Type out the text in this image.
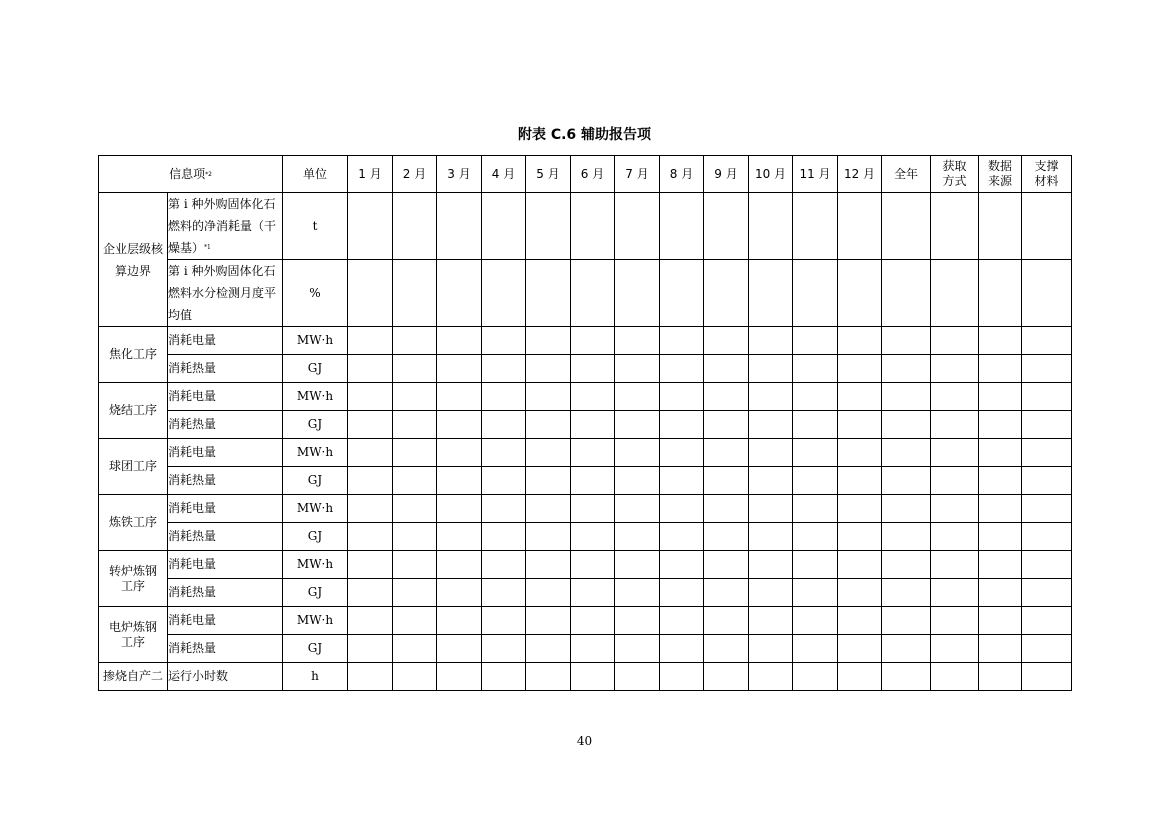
附表 C.6 辅助报告项
信息项$^{*2}$		单位	1 月	2 月	3 月	4 月	5 月	6 月	7 月	8 月	9 月	10 月	11 月	12 月	全年	获取方式	数据来源	支撑材料
企业层级核算边界	第 i 种外购固体化石燃料的净消耗量（干燥基）$^{*1}$	t																
	第 i 种外购固体化石燃料水分检测月度平均值	%																
焦化工序	消耗电量	MW·h																
	消耗热量	GJ																
烧结工序	消耗电量	MW·h																
	消耗热量	GJ																
球团工序	消耗电量	MW·h																
	消耗热量	GJ																
炼铁工序	消耗电量	MW·h																
	消耗热量	GJ																
转炉炼钢工序	消耗电量	MW·h																
	消耗热量	GJ																
电炉炼钢工序	消耗电量	MW·h																
	消耗热量	GJ																
掺烧自产二	运行小时数	h																
40
